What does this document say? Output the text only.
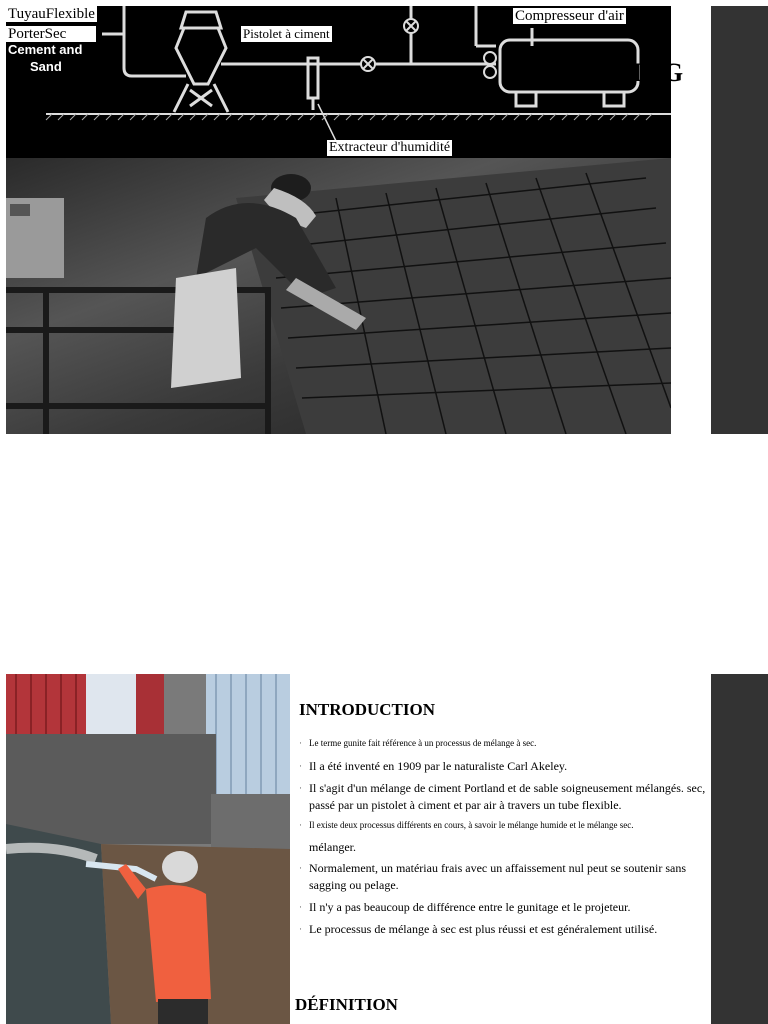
TuyauFlexible
PorterSec
Cement and
Sand
Pistolet à ciment
Compresseur d'air
Extracteur d'humidité
ING
INTRODUCTION
· Le terme gunite fait référence à un processus de mélange à sec.
· Il a été inventé en 1909 par le naturaliste Carl Akeley.
· Il s'agit d'un mélange de ciment Portland et de sable soigneusement mélangés. sec, passé par un pistolet à ciment et par air à travers un tube flexible.
· Il existe deux processus différents en cours, à savoir le mélange humide et le mélange sec.
mélanger.
· Normalement, un matériau frais avec un affaissement nul peut se soutenir sans sagging ou pelage.
· Il n'y a pas beaucoup de différence entre le gunitage et le projeteur.
· Le processus de mélange à sec est plus réussi et est généralement utilisé.
DÉFINITION
